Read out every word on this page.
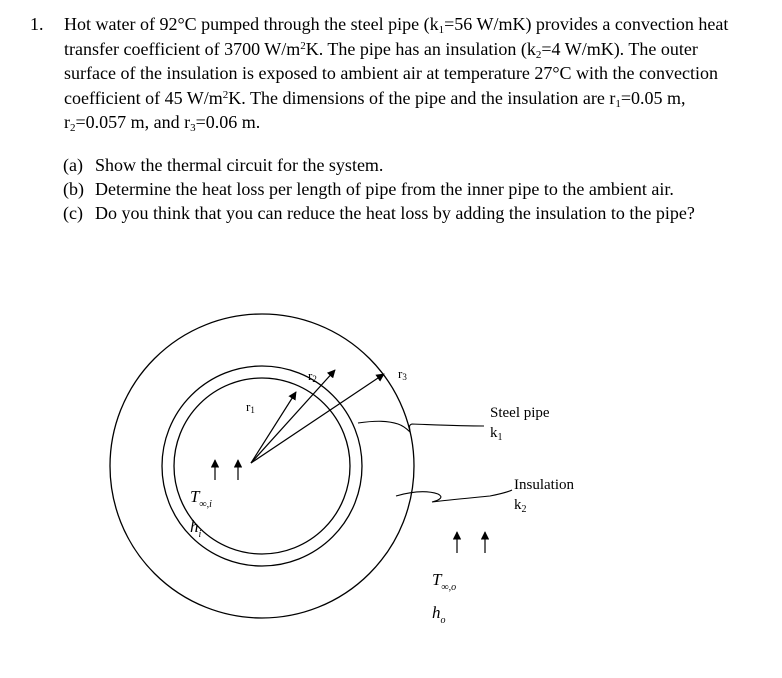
1. Hot water of 92°C pumped through the steel pipe ($k_1=56$ W/mK) provides a convection heat transfer coefficient of 3700 $W/m^2K$. The pipe has an insulation ($k_2=4$ W/mK). The outer surface of the insulation is exposed to ambient air at temperature 27°C with the convection coefficient of 45 $W/m^2K$. The dimensions of the pipe and the insulation are $r_1=0.05$ m, $r_2=0.057$ m, and $r_3=0.06$ m.
(a) Show the thermal circuit for the system.
(b) Determine the heat loss per length of pipe from the inner pipe to the ambient air.
(c) Do you think that you can reduce the heat loss by adding the insulation to the pipe?
r1
r2	r3
Steel pipe
$k_1$
Insulation
$k_2$
$T_{\infty,i}$
$h_i$
$T_{\infty,o}$
$h_o$
